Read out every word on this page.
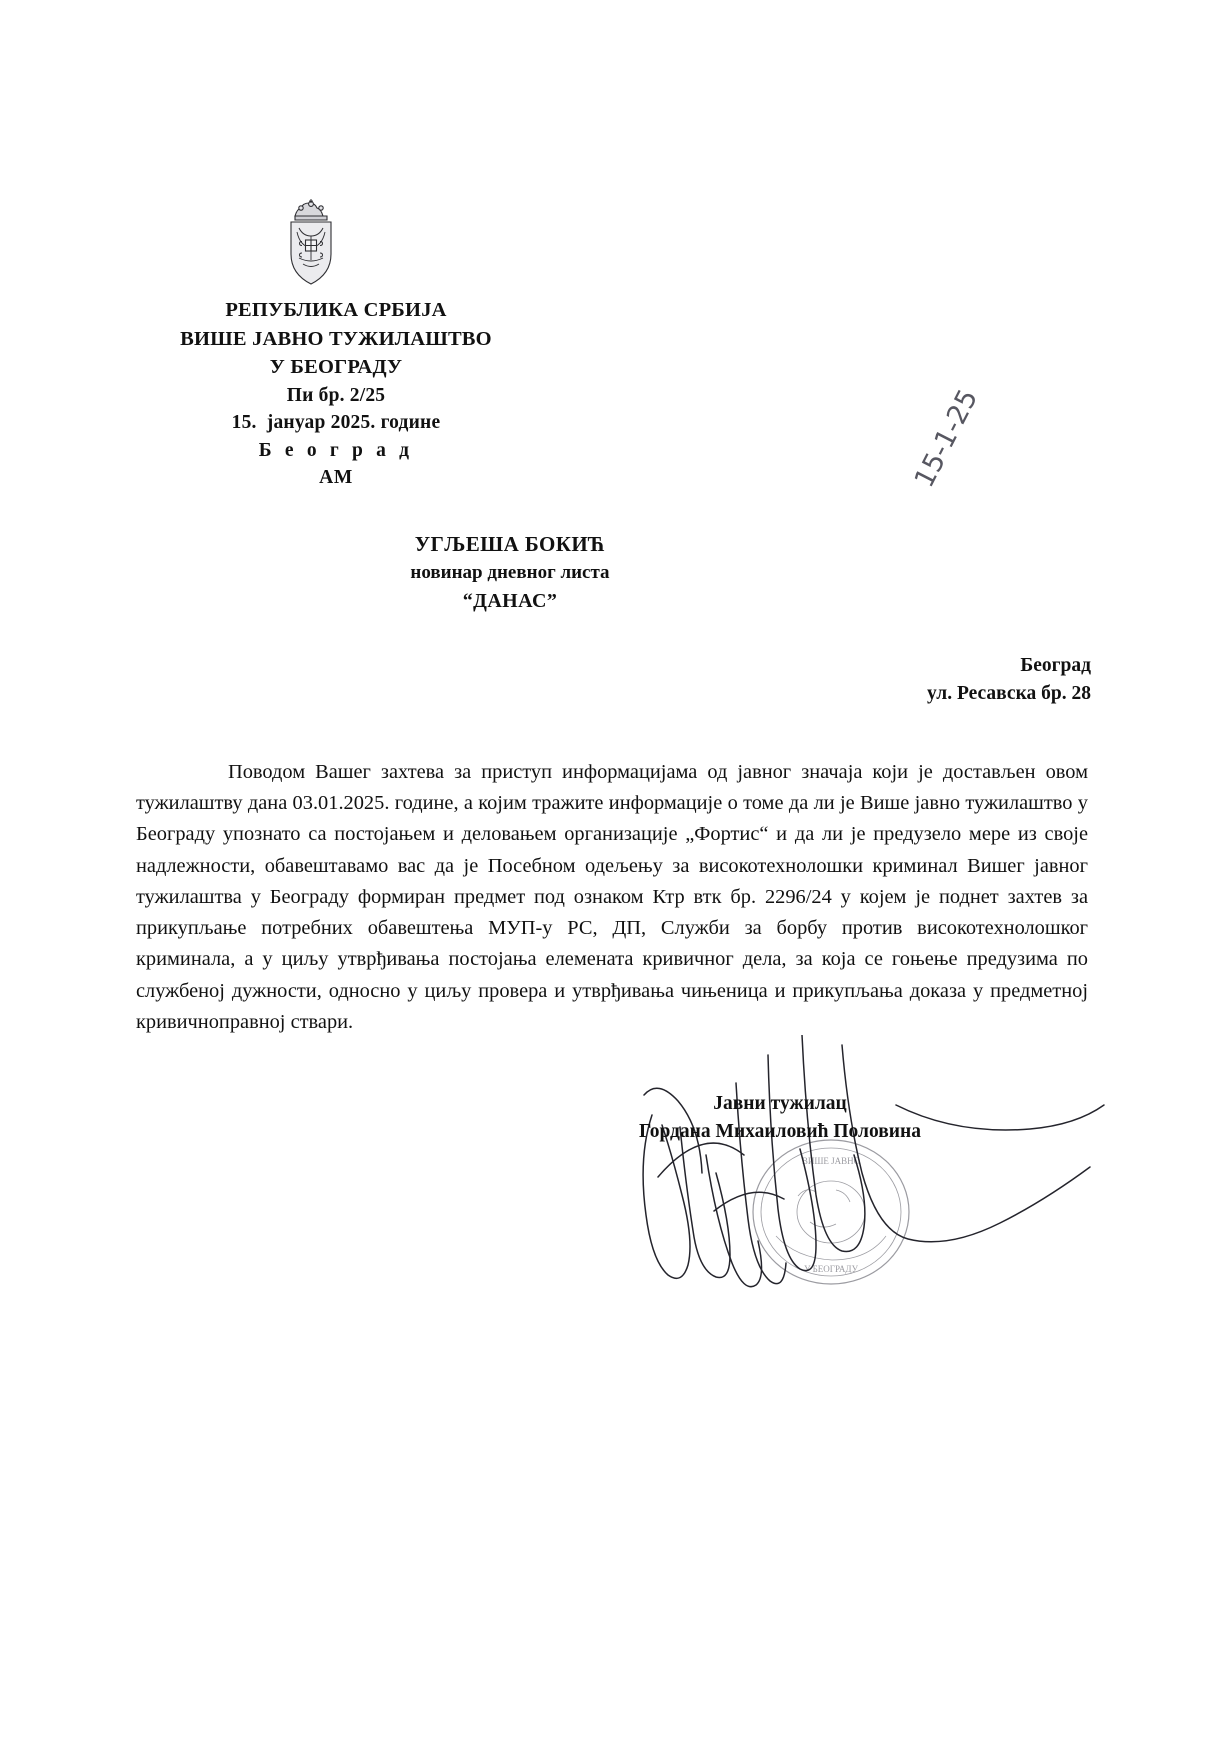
РЕПУБЛИКА СРБИЈА
ВИШЕ ЈАВНО ТУЖИЛАШТВО
У БЕОГРАДУ
Пи бр. 2/25
15.  јануар 2025. године
Б е о г р а д
АМ	15-1-25
УГЉЕША БОКИЋ
новинар дневног листа
“ДАНАС”
Београд
ул. Ресавска бр. 28
Поводом Вашег захтева за приступ информацијама од јавног значаја који је достављен овом тужилаштву дана 03.01.2025. године, а којим тражите информације о томе да ли је Више јавно тужилаштво у Београду упознато са постојањем и деловањем организације „Фортис“ и да ли је предузело мере из своје надлежности, обавештавамо вас да је Посебном одељењу за високотехнолошки криминал Вишег јавног тужилаштва у Београду формиран предмет под ознаком Ктр втк бр. 2296/24 у којем је поднет захтев за прикупљање потребних обавештења МУП-у РС, ДП, Служби за борбу против високотехнолошког криминала, а у циљу утврђивања постојања елемената кривичног дела, за која се гоњење предузима по службеној дужности, односно у циљу провера и утврђивања чињеница и прикупљања доказа у предметној кривичноправној ствари.
ВИШЕ ЈАВНО
У БЕОГРАДУ
Јавни тужилац
Гордана Михаиловић Половина
